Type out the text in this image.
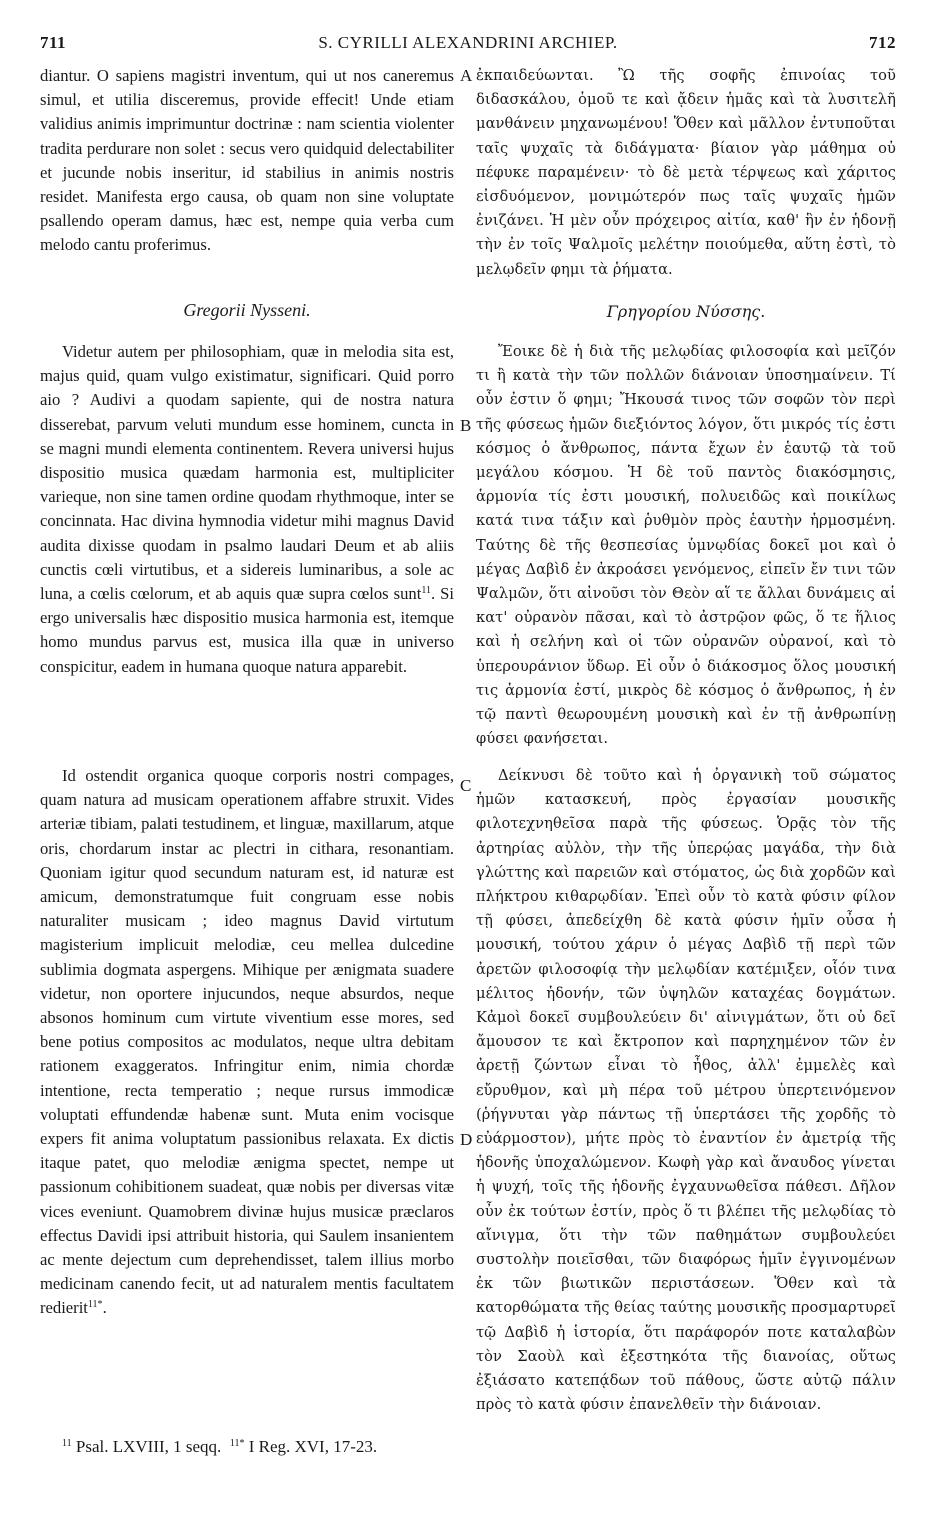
711	S. CYRILLI ALEXANDRINI ARCHIEP.	712

diantur. O sapiens magistri inventum, qui ut nos caneremus simul, et utilia disceremus, provide effecit! Unde etiam validius animis imprimuntur doctrinæ : nam scientia violenter tradita perdurare non solet : secus vero quidquid delectabiliter et jucunde nobis inseritur, id stabilius in animis nostris residet. Manifesta ergo causa, ob quam non sine voluptate psallendo operam damus, hæc est, nempe quia verba cum melodo cantu proferimus.

Gregorii Nysseni.

Videtur autem per philosophiam, quæ in melodia sita est, majus quid, quam vulgo existimatur, significari. Quid porro aio ? Audivi a quodam sapiente, qui de nostra natura disserebat, parvum veluti mundum esse hominem, cuncta in se magni mundi elementa continentem. Revera universi hujus dispositio musica quædam harmonia est, multipliciter varieque, non sine tamen ordine quodam rhythmoque, inter se concinnata. Hac divina hymnodia videtur mihi magnus David audita dixisse quodam in psalmo laudari Deum et ab aliis cunctis cœli virtutibus, et a sidereis luminaribus, a sole ac luna, a cœlis cœlorum, et ab aquis quæ supra cœlos sunt$^{11}$. Si ergo universalis hæc dispositio musica harmonia est, itemque homo mundus parvus est, musica illa quæ in universo conspicitur, eadem in humana quoque natura apparebit.

Id ostendit organica quoque corporis nostri compages, quam natura ad musicam operationem affabre struxit. Vides arteriæ tibiam, palati testudinem, et linguæ, maxillarum, atque oris, chordarum instar ac plectri in cithara, resonantiam. Quoniam igitur quod secundum naturam est, id naturæ est amicum, demonstratumque fuit congruam esse nobis naturaliter musicam ; ideo magnus David virtutum magisterium implicuit melodiæ, ceu mellea dulcedine sublimia dogmata aspergens. Mihique per ænigmata suadere videtur, non oportere injucundos, neque absurdos, neque absonos hominum cum virtute viventium esse mores, sed bene potius compositos ac modulatos, neque ultra debitam rationem exaggeratos. Infringitur enim, nimia chordæ intentione, recta temperatio ; neque rursus immodicæ voluptati effundendæ habenæ sunt. Muta enim vocisque expers fit anima voluptatum passionibus relaxata. Ex dictis itaque patet, quo melodiæ ænigma spectet, nempe ut passionum cohibitionem suadeat, quæ nobis per diversas vitæ vices eveniunt. Quamobrem divinæ hujus musicæ præclaros effectus Davidi ipsi attribuit historia, qui Saulem insanientem ac mente dejectum cum deprehendisset, talem illius morbo medicinam canendo fecit, ut ad naturalem mentis facultatem redierit$^{11*}$.

A
B
C
D

ἐκπαιδεύωνται. Ὢ τῆς σοφῆς ἐπινοίας τοῦ διδασκάλου, ὁμοῦ τε καὶ ᾄδειν ἡμᾶς καὶ τὰ λυσιτελῆ μανθάνειν μηχανωμένου! Ὅθεν καὶ μᾶλλον ἐντυποῦται ταῖς ψυχαῖς τὰ διδάγματα· βίαιον γὰρ μάθημα οὐ πέφυκε παραμένειν· τὸ δὲ μετὰ τέρψεως καὶ χάριτος εἰσδυόμενον, μονιμώτερόν πως ταῖς ψυχαῖς ἡμῶν ἐνιζάνει. Ἡ μὲν οὖν πρόχειρος αἰτία, καθ' ἣν ἐν ἡδονῇ τὴν ἐν τοῖς Ψαλμοῖς μελέτην ποιούμεθα, αὕτη ἐστὶ, τὸ μελῳδεῖν φημι τὰ ῥήματα.

Γρηγορίου Νύσσης.

Ἔοικε δὲ ἡ διὰ τῆς μελῳδίας φιλοσοφία καὶ μεῖζόν τι ἢ κατὰ τὴν τῶν πολλῶν διάνοιαν ὑποσημαίνειν. Τί οὖν ἐστιν ὅ φημι; Ἤκουσά τινος τῶν σοφῶν τὸν περὶ τῆς φύσεως ἡμῶν διεξιόντος λόγον, ὅτι μικρός τίς ἐστι κόσμος ὁ ἄνθρωπος, πάντα ἔχων ἐν ἑαυτῷ τὰ τοῦ μεγάλου κόσμου. Ἡ δὲ τοῦ παντὸς διακόσμησις, ἁρμονία τίς ἐστι μουσική, πολυειδῶς καὶ ποικίλως κατά τινα τάξιν καὶ ῥυθμὸν πρὸς ἑαυτὴν ἡρμοσμένη. Ταύτης δὲ τῆς θεσπεσίας ὑμνῳδίας δοκεῖ μοι καὶ ὁ μέγας Δαβὶδ ἐν ἀκροάσει γενόμενος, εἰπεῖν ἔν τινι τῶν Ψαλμῶν, ὅτι αἰνοῦσι τὸν Θεὸν αἵ τε ἄλλαι δυνάμεις αἱ κατ' οὐρανὸν πᾶσαι, καὶ τὸ ἀστρῷον φῶς, ὅ τε ἥλιος καὶ ἡ σελήνη καὶ οἱ τῶν οὐρανῶν οὐρανοί, καὶ τὸ ὑπερουράνιον ὕδωρ. Εἰ οὖν ὁ διάκοσμος ὅλος μουσική τις ἁρμονία ἐστί, μικρὸς δὲ κόσμος ὁ ἄνθρωπος, ἡ ἐν τῷ παντὶ θεωρουμένη μουσικὴ καὶ ἐν τῇ ἀνθρωπίνῃ φύσει φανήσεται.

Δείκνυσι δὲ τοῦτο καὶ ἡ ὀργανικὴ τοῦ σώματος ἡμῶν κατασκευή, πρὸς ἐργασίαν μουσικῆς φιλοτεχνηθεῖσα παρὰ τῆς φύσεως. Ὁρᾷς τὸν τῆς ἀρτηρίας αὐλὸν, τὴν τῆς ὑπερῴας μαγάδα, τὴν διὰ γλώττης καὶ παρειῶν καὶ στόματος, ὡς διὰ χορδῶν καὶ πλήκτρου κιθαρῳδίαν. Ἐπεὶ οὖν τὸ κατὰ φύσιν φίλον τῇ φύσει, ἀπεδείχθη δὲ κατὰ φύσιν ἡμῖν οὖσα ἡ μουσική, τούτου χάριν ὁ μέγας Δαβὶδ τῇ περὶ τῶν ἀρετῶν φιλοσοφίᾳ τὴν μελῳδίαν κατέμιξεν, οἷόν τινα μέλιτος ἡδονήν, τῶν ὑψηλῶν καταχέας δογμάτων. Κἀμοὶ δοκεῖ συμβουλεύειν δι' αἰνιγμάτων, ὅτι οὐ δεῖ ἄμουσον τε καὶ ἔκτροπον καὶ παρηχημένον τῶν ἐν ἀρετῇ ζώντων εἶναι τὸ ἦθος, ἀλλ' ἐμμελὲς καὶ εὔρυθμον, καὶ μὴ πέρα τοῦ μέτρου ὑπερτεινόμενον (ῥήγνυται γὰρ πάντως τῇ ὑπερτάσει τῆς χορδῆς τὸ εὐάρμοστον), μήτε πρὸς τὸ ἐναντίον ἐν ἀμετρίᾳ τῆς ἡδονῆς ὑποχαλώμενον. Κωφὴ γὰρ καὶ ἄναυδος γίνεται ἡ ψυχή, τοῖς τῆς ἡδονῆς ἐγχαυνωθεῖσα πάθεσι. Δῆλον οὖν ἐκ τούτων ἐστίν, πρὸς ὅ τι βλέπει τῆς μελῳδίας τὸ αἴνιγμα, ὅτι τὴν τῶν παθημάτων συμβουλεύει συστολὴν ποιεῖσθαι, τῶν διαφόρως ἡμῖν ἐγγινομένων ἐκ τῶν βιωτικῶν περιστάσεων. Ὅθεν καὶ τὰ κατορθώματα τῆς θείας ταύτης μουσικῆς προσμαρτυρεῖ τῷ Δαβὶδ ἡ ἱστορία, ὅτι παράφορόν ποτε καταλαβὼν τὸν Σαοὺλ καὶ ἐξεστηκότα τῆς διανοίας, οὕτως ἐξιάσατο κατεπᾴδων τοῦ πάθους, ὥστε αὐτῷ πάλιν πρὸς τὸ κατὰ φύσιν ἐπανελθεῖν τὴν διάνοιαν.

$^{11}$ Psal. LXVIII, 1 seqq. $^{11*}$ I Reg. XVI, 17-23.
